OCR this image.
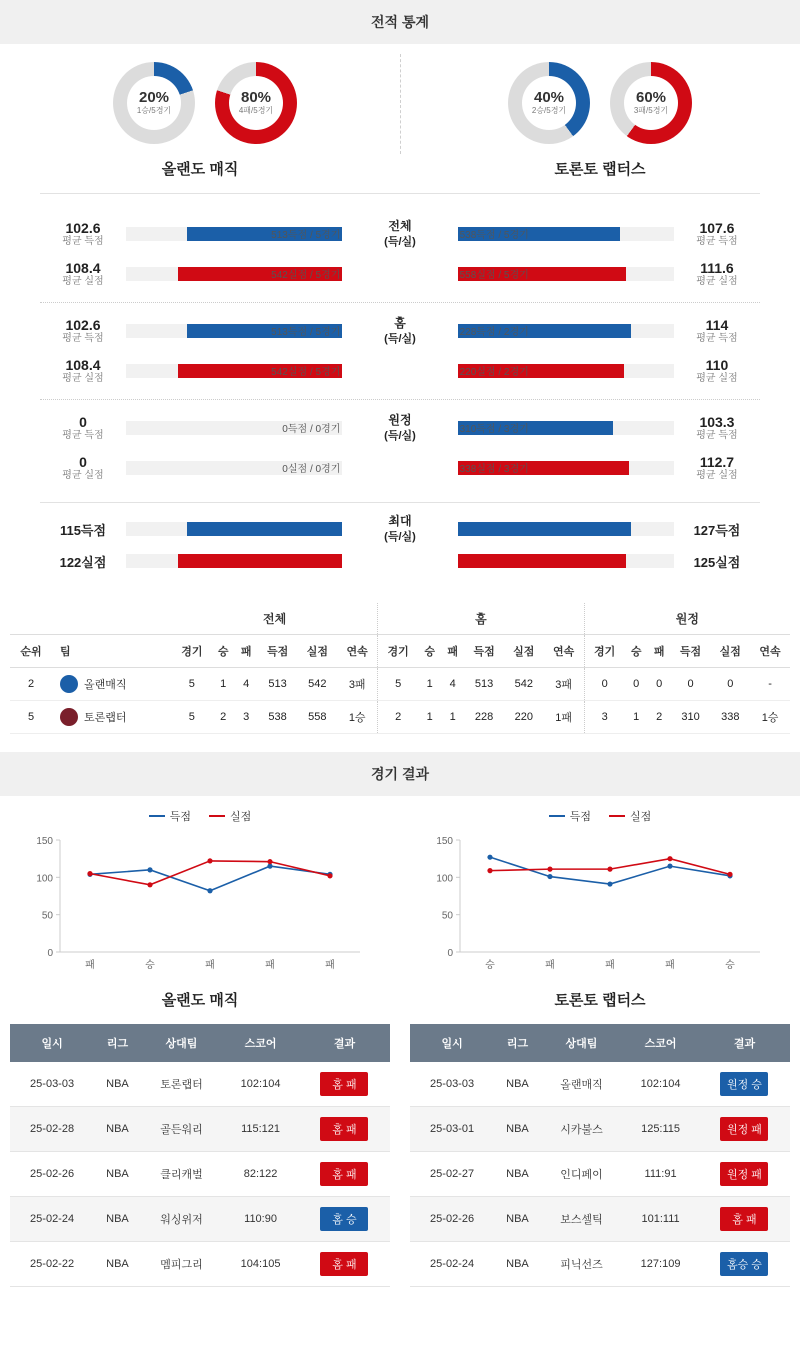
전적 통계
20%
1승/5경기
80%
4패/5경기
40%
2승/5경기
60%
3패/5경기
올랜도 매직	토론토 랩터스
102.6
평균 득점
513득점 / 5경기
전체
(득/실)
538득점 / 5경기	107.6
평균 득점
108.4
평균 실점
542실점 / 5경기	558실점 / 5경기	111.6
평균 실점
102.6
평균 득점
513득점 / 5경기
홈
(득/실)
228득점 / 2경기	114
평균 득점
108.4
평균 실점
542실점 / 5경기	220실점 / 2경기	110
평균 실점
0
평균 득점
0득점 / 0경기
원정
(득/실)
310득점 / 3경기	103.3
평균 득점
0
평균 실점
0실점 / 0경기	338실점 / 3경기	112.7
평균 실점
115득점
최대
(득/실)	127득점
122실점	125실점
		전체						홈						원정					
순위	팀	경기	승	패	득점	실점	연속	경기	승	패	득점	실점	연속	경기	승	패	득점	실점	연속
2	올랜매직	5	1	4	513	542	3패	5	1	4	513	542	3패	0	0	0	0	0	-
5	토론랩터	5	2	3	538	558	1승	2	1	1	228	220	1패	3	1	2	310	338	1승
경기 결과
득점	실점
0
50
100
150
패	승	패	패	패
올랜도 매직
득점	실점
0
50
100
150
승	패	패	패	승
토론토 랩터스
일시	리그	상대팀	스코어	결과
25-03-03	NBA	토론랩터	102:104	홈 패
25-02-28	NBA	골든워리	115:121	홈 패
25-02-26	NBA	클리캐벌	82:122	홈 패
25-02-24	NBA	워싱위저	110:90	홈 승
25-02-22	NBA	멤피그리	104:105	홈 패
일시	리그	상대팀	스코어	결과
25-03-03	NBA	올랜매직	102:104	원정 승
25-03-01	NBA	시카불스	125:115	원정 패
25-02-27	NBA	인디페이	111:91	원정 패
25-02-26	NBA	보스셀틱	101:111	홈 패
25-02-24	NBA	피닉선즈	127:109	홈승 승
